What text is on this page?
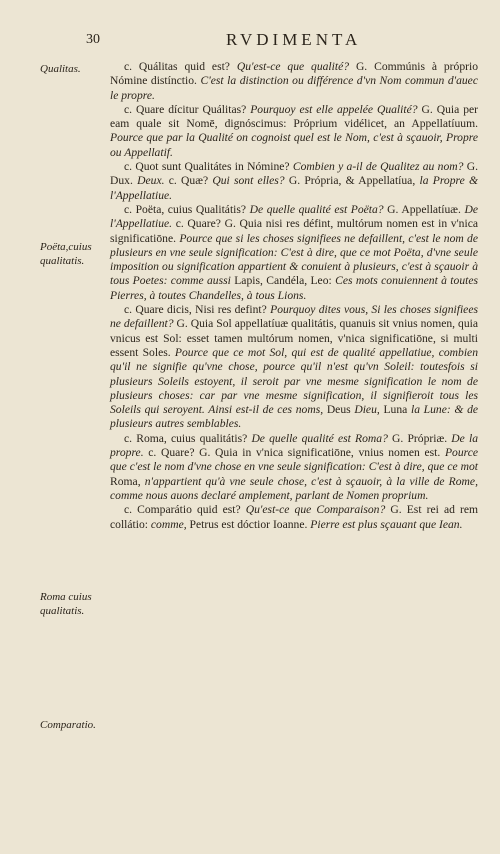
30	RVDIMENTA
Qualitas.
Poëta,cuius qualitatis.
Roma cuius qualitatis.
Comparatio.

c. Quálitas quid est? Qu'est-ce que qualité? G. Commúnis à próprio Nómine distínctio. C'est la distinction ou différence d'vn Nom commun d'auec le propre.

c. Quare dícitur Quálitas? Pourquoy est elle appelée Qualité? G. Quia per eam quale sit Nomē, dignóscimus: Próprium vidélicet, an Appellatíuum. Pource que par la Qualité on cognoist quel est le Nom, c'est à sçauoir, Propre ou Appellatif.

c. Quot sunt Qualitátes in Nómine? Combien y a-il de Qualitez au nom? G. Dux. Deux. c. Quæ? Qui sont elles? G. Própria, & Appellatíua, la Propre & l'Appellatiue.

c. Poëta, cuius Qualitátis? De quelle qualité est Poëta? G. Appellatíuæ. De l'Appellatiue. c. Quare? G. Quia nisi res défint, multórum nomen est in v'nica significatiōne. Pource que si les choses signifiees ne defaillent, c'est le nom de plusieurs en vne seule signification: C'est à dire, que ce mot Poëta, d'vne seule imposition ou signification appartient & conuient à plusieurs, c'est à sçauoir à tous Poetes: comme aussi Lapis, Candéla, Leo: Ces mots conuiennent à toutes Pierres, à toutes Chandelles, à tous Lions.

c. Quare dicis, Nisi res defint? Pourquoy dites vous, Si les choses signifiees ne defaillent? G. Quia Sol appellatíuæ qualitátis, quanuis sit vnius nomen, quia vnicus est Sol: esset tamen multórum nomen, v'nica significatiōne, si multi essent Soles. Pource que ce mot Sol, qui est de qualité appellatiue, combien qu'il ne signifie qu'vne chose, pource qu'il n'est qu'vn Soleil: toutesfois si plusieurs Soleils estoyent, il seroit par vne mesme signification le nom de plusieurs choses: car par vne mesme signification, il signifieroit tous les Soleils qui seroyent. Ainsi est-il de ces noms, Deus Dieu, Luna la Lune: & de plusieurs autres semblables.

c. Roma, cuius qualitátis? De quelle qualité est Roma? G. Própriæ. De la propre. c. Quare? G. Quia in v'nica significatiōne, vnius nomen est. Pource que c'est le nom d'vne chose en vne seule signification: C'est à dire, que ce mot Roma, n'appartient qu'à vne seule chose, c'est à sçauoir, à la ville de Rome, comme nous auons declaré amplement, parlant de Nomen proprium.

c. Comparátio quid est? Qu'est-ce que Comparaison? G. Est rei ad rem collátio: comme, Petrus est dóctior Ioanne. Pierre est plus sçauant que Iean.
